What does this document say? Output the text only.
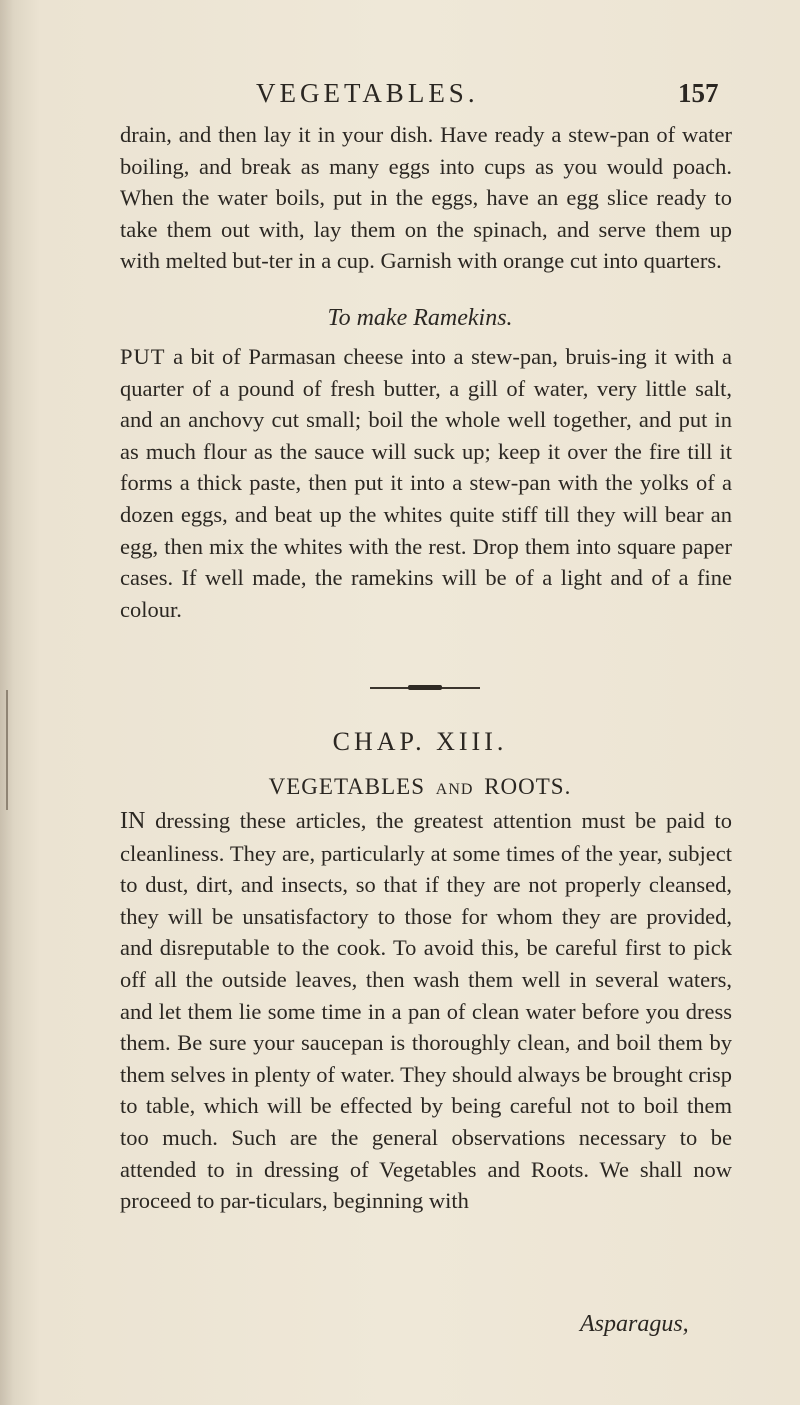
VEGETABLES.	157

drain, and then lay it in your dish. Have ready a stew-pan of water boiling, and break as many eggs into cups as you would poach. When the water boils, put in the eggs, have an egg slice ready to take them out with, lay them on the spinach, and serve them up with melted but-ter in a cup. Garnish with orange cut into quarters.

To make Ramekins.

PUT a bit of Parmasan cheese into a stew-pan, bruis-ing it with a quarter of a pound of fresh butter, a gill of water, very little salt, and an anchovy cut small; boil the whole well together, and put in as much flour as the sauce will suck up; keep it over the fire till it forms a thick paste, then put it into a stew-pan with the yolks of a dozen eggs, and beat up the whites quite stiff till they will bear an egg, then mix the whites with the rest. Drop them into square paper cases. If well made, the ramekins will be of a light and of a fine colour.

CHAP. XIII.
VEGETABLES AND ROOTS.

IN dressing these articles, the greatest attention must be paid to cleanliness. They are, particularly at some times of the year, subject to dust, dirt, and insects, so that if they are not properly cleansed, they will be unsatisfactory to those for whom they are provided, and disreputable to the cook. To avoid this, be careful first to pick off all the outside leaves, then wash them well in several waters, and let them lie some time in a pan of clean water before you dress them. Be sure your saucepan is thoroughly clean, and boil them by them selves in plenty of water. They should always be brought crisp to table, which will be effected by being careful not to boil them too much. Such are the general observations necessary to be attended to in dressing of Vegetables and Roots. We shall now proceed to par-ticulars, beginning with

Asparagus,
